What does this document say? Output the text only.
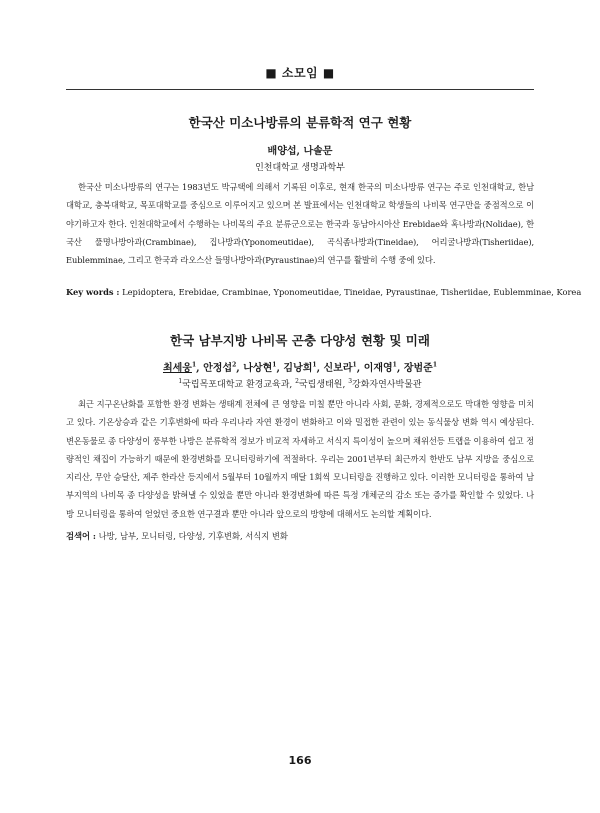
■ 소모임 ■
한국산 미소나방류의 분류학적 연구 현황
배양섭, 나솔문
인천대학교 생명과학부

한국산 미소나방류의 연구는 1983년도 박규택에 의해서 기록된 이후로, 현재 한국의 미소나방류 연구는 주로 인천대학교, 한남대학교, 충북대학교, 목포대학교를 중심으로 이루어지고 있으며 본 발표에서는 인천대학교 학생들의 나비목 연구만을 중점적으로 이야기하고자 한다. 인천대학교에서 수행하는 나비목의 주요 분류군으로는 한국과 동남아시아산 Erebidae와 혹나방과(Nolidae), 한국산 풀명나방아과(Crambinae), 집나방과(Yponomeutidae), 곡식좀나방과(Tineidae), 어리굴나방과(Tisheriidae), Eublemminae, 그리고 한국과 라오스산 들명나방아과(Pyraustinae)의 연구를 활발히 수행 중에 있다.

Key words : Lepidoptera, Erebidae, Crambinae, Yponomeutidae, Tineidae, Pyraustinae, Tisheriidae, Eublemminae, Korea
한국 남부지방 나비목 곤충 다양성 현황 및 미래
최세웅$^1$, 안정섭$^2$, 나상현$^1$, 김낭희$^1$, 신보라$^1$, 이재영$^1$, 장범준$^1$
$^1$국립목포대학교 환경교육과, $^2$국립생태원, $^3$강화자연사박물관

최근 지구온난화를 포함한 환경 변화는 생태계 전체에 큰 영향을 미칠 뿐만 아니라 사회, 문화, 경제적으로도 막대한 영향을 미치고 있다. 기온상승과 같은 기후변화에 따라 우리나라 자연 환경이 변화하고 이와 밀접한 관련이 있는 동식물상 변화 역시 예상된다. 변온동물로 종 다양성이 풍부한 나방은 분류학적 정보가 비교적 자세하고 서식지 특이성이 높으며 채위선등 트랩을 이용하여 쉽고 정량적인 채집이 가능하기 때문에 환경변화를 모니터링하기에 적절하다. 우리는 2001년부터 최근까지 한반도 남부 지방을 중심으로 지리산, 무안 승달산, 제주 한라산 등지에서 5월부터 10월까지 매달 1회씩 모니터링을 진행하고 있다. 이러한 모니터링을 통하여 남부지역의 나비목 종 다양성을 밝혀낼 수 있었을 뿐만 아니라 환경변화에 따른 특정 개체군의 감소 또는 증가를 확인할 수 있었다. 나방 모니터링을 통하여 얻었던 중요한 연구결과 뿐만 아니라 앞으로의 방향에 대해서도 논의할 계획이다.

검색어 : 나방, 남부, 모니터링, 다양성, 기후변화, 서식지 변화
166
